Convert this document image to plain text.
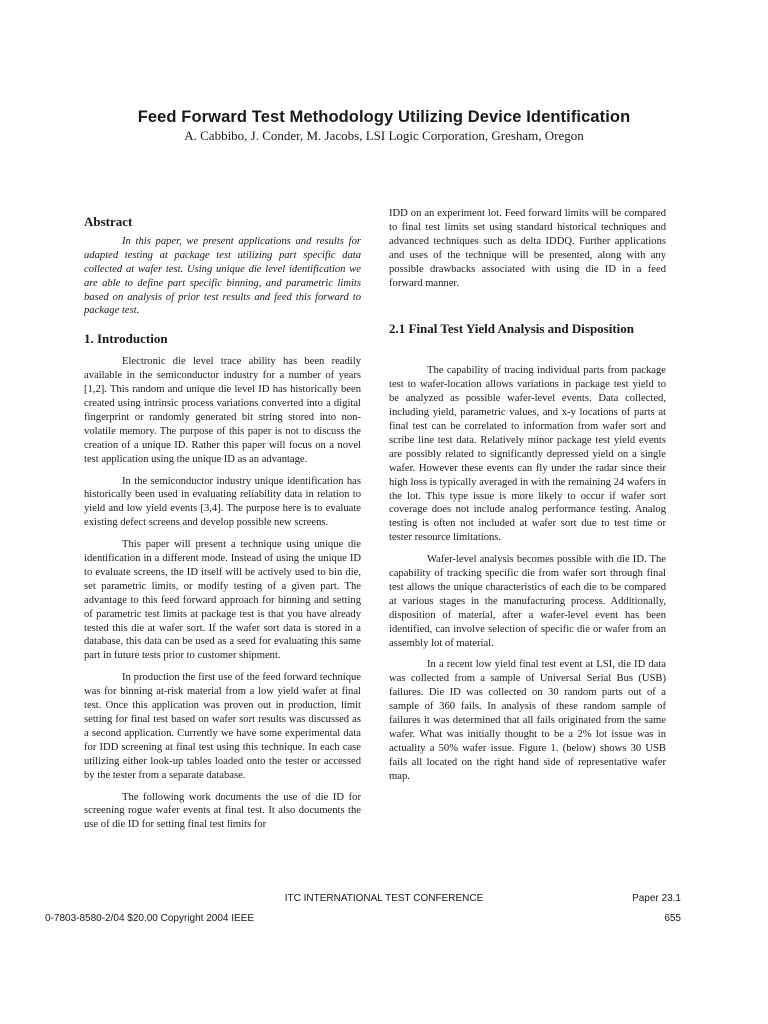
Feed Forward Test Methodology Utilizing Device Identification
A. Cabbibo, J. Conder, M. Jacobs, LSI Logic Corporation, Gresham, Oregon
Abstract

In this paper, we present applications and results for adapted testing at package test utilizing part specific data collected at wafer test. Using unique die level identification we are able to define part specific binning, and parametric limits based on analysis of prior test results and feed this forward to package test.

1. Introduction

Electronic die level trace ability has been readily available in the semiconductor industry for a number of years [1,2]. This random and unique die level ID has historically been created using intrinsic process variations converted into a digital fingerprint or randomly generated bit string stored into non-volatile memory. The purpose of this paper is not to discuss the creation of a unique ID. Rather this paper will focus on a novel test application using the unique ID as an advantage.

In the semiconductor industry unique identification has historically been used in evaluating reliability data in relation to yield and low yield events [3,4]. The purpose here is to evaluate existing defect screens and develop possible new screens.

This paper will present a technique using unique die identification in a different mode. Instead of using the unique ID to evaluate screens, the ID itself will be actively used to bin die, set parametric limits, or modify testing of a given part. The advantage to this feed forward approach for binning and setting of parametric test limits at package test is that you have already tested this die at wafer sort. If the wafer sort data is stored in a database, this data can be used as a seed for evaluating this same part in future tests prior to customer shipment.

In production the first use of the feed forward technique was for binning at-risk material from a low yield wafer at final test. Once this application was proven out in production, limit setting for final test based on wafer sort results was discussed as a second application. Currently we have some experimental data for IDD screening at final test using this technique. In each case utilizing either look-up tables loaded onto the tester or accessed by the tester from a separate database.

The following work documents the use of die ID for screening rogue wafer events at final test. It also documents the use of die ID for setting final test limits for

IDD on an experiment lot. Feed forward limits will be compared to final test limits set using standard historical techniques and advanced techniques such as delta IDDQ. Further applications and uses of the technique will be presented, along with any possible drawbacks associated with using die ID in a feed forward manner.

2.1 Final Test Yield Analysis and Disposition

The capability of tracing individual parts from package test to wafer-location allows variations in package test yield to be analyzed as possible wafer-level events. Data collected, including yield, parametric values, and x-y locations of parts at final test can be correlated to information from wafer sort and scribe line test data. Relatively minor package test yield events are possibly related to significantly depressed yield on a single wafer. However these events can fly under the radar since their high loss is typically averaged in with the remaining 24 wafers in the lot. This type issue is more likely to occur if wafer sort coverage does not include analog performance testing. Analog testing is often not included at wafer sort due to test time or tester resource limitations.

Wafer-level analysis becomes possible with die ID. The capability of tracking specific die from wafer sort through final test allows the unique characteristics of each die to be compared at various stages in the manufacturing process. Additionally, disposition of material, after a wafer-level event has been identified, can involve selection of specific die or wafer from an assembly lot of material.

In a recent low yield final test event at LSI, die ID data was collected from a sample of Universal Serial Bus (USB) failures. Die ID was collected on 30 random parts out of a sample of 360 fails. In analysis of these random sample of failures it was determined that all fails originated from the same wafer. What was initially thought to be a 2% lot issue was in actuality a 50% wafer issue. Figure 1. (below) shows 30 USB fails all located on the right hand side of representative wafer map.

ITC INTERNATIONAL TEST CONFERENCE
0-7803-8580-2/04 $20.00 Copyright 2004 IEEE
Paper 23.1
655
